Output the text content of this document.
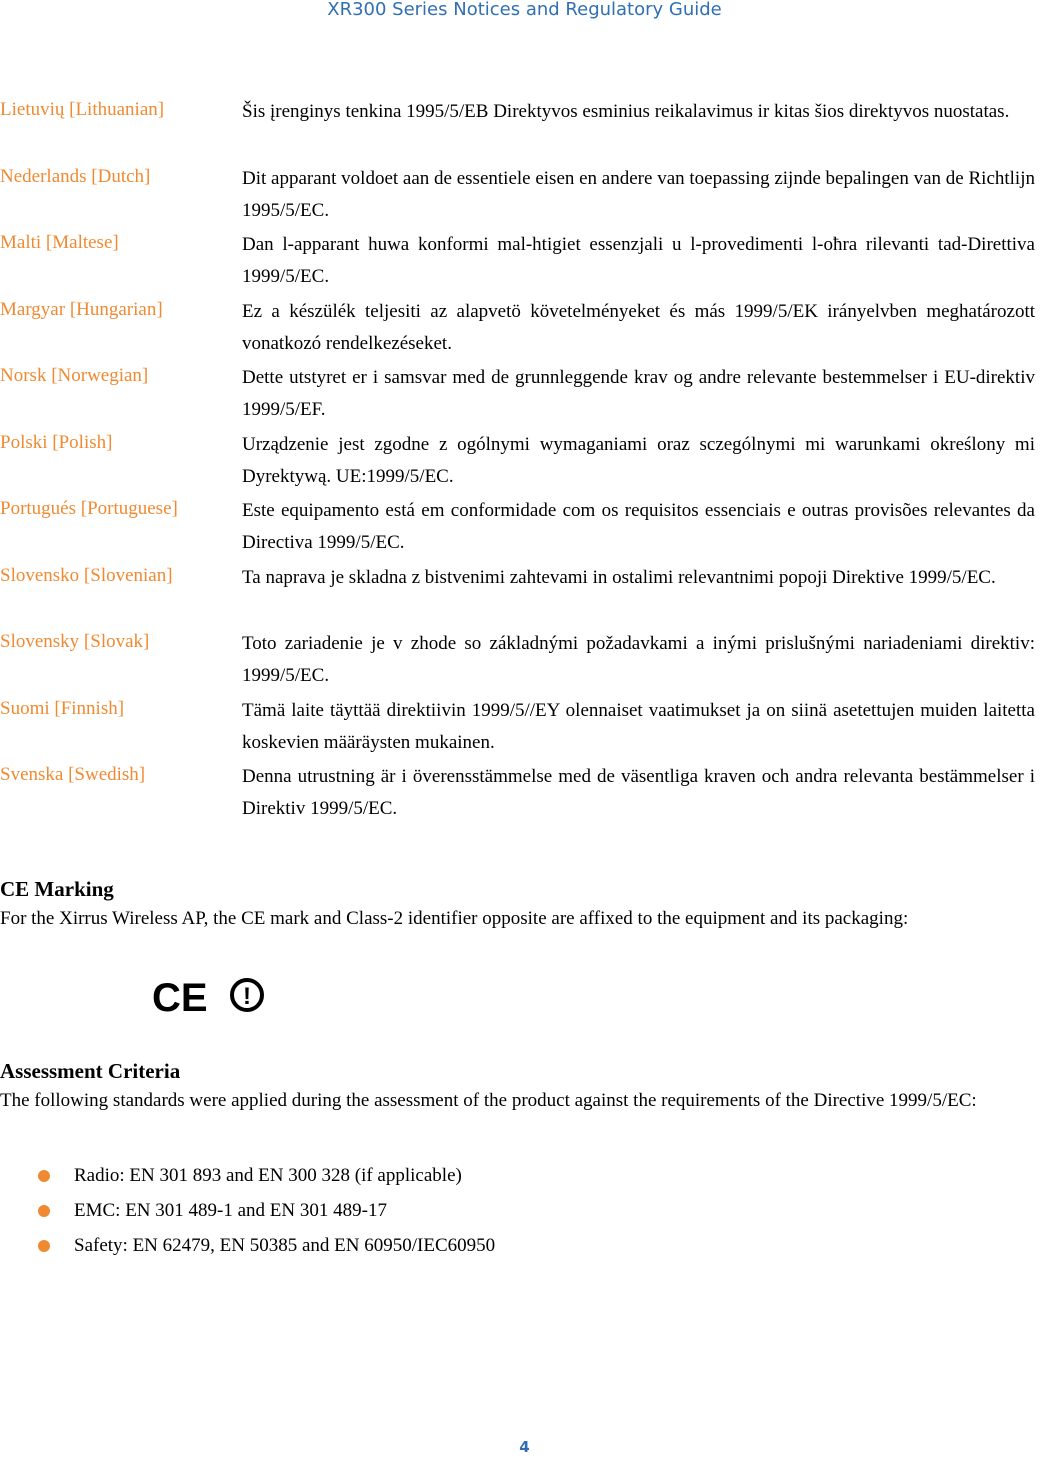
XR300 Series Notices and Regulatory Guide
Lietuvių [Lithuanian]	Šis įrenginys tenkina 1995/5/EB Direktyvos esminius reikalavimus ir kitas šios direktyvos nuostatas.
Nederlands [Dutch]	Dit apparant voldoet aan de essentiele eisen en andere van toepassing zijnde bepalingen van de Richtlijn 1995/5/EC.
Malti [Maltese]	Dan l-apparant huwa konformi mal-htigiet essenzjali u l-provedimenti l-oħra rilevanti tad-Direttiva 1999/5/EC.
Margyar [Hungarian]	Ez a készülék teljesiti az alapvetö követelményeket és más 1999/5/EK irányelvben meghatározott vonatkozó rendelkezéseket.
Norsk [Norwegian]	Dette utstyret er i samsvar med de grunnleggende krav og andre relevante bestemmelser i EU-direktiv 1999/5/EF.
Polski [Polish]	Urządzenie jest zgodne z ogólnymi wymaganiami oraz sczególnymi mi warunkami określony mi Dyrektywą. UE:1999/5/EC.
Portugués [Portuguese]	Este equipamento está em conformidade com os requisitos essenciais e outras provisões relevantes da Directiva 1999/5/EC.
Slovensko [Slovenian]	Ta naprava je skladna z bistvenimi zahtevami in ostalimi relevantnimi popoji Direktive 1999/5/EC.
Slovensky [Slovak]	Toto zariadenie je v zhode so základnými požadavkami a inými prislušnými nariadeniami direktiv: 1999/5/EC.
Suomi [Finnish]	Tämä laite täyttää direktiivin 1999/5//EY olennaiset vaatimukset ja on siinä asetettujen muiden laitetta koskevien määräysten mukainen.
Svenska [Swedish]	Denna utrustning är i överensstämmelse med de väsentliga kraven och andra relevanta bestämmelser i Direktiv 1999/5/EC.
CE Marking
For the Xirrus Wireless AP, the CE mark and Class-2 identifier opposite are affixed to the equipment and its packaging:
CE !
Assessment Criteria
The following standards were applied during the assessment of the product against the requirements of the Directive 1999/5/EC:
Radio: EN 301 893 and EN 300 328 (if applicable)
EMC: EN 301 489-1 and EN 301 489-17
Safety: EN 62479, EN 50385 and EN 60950/IEC60950
4
